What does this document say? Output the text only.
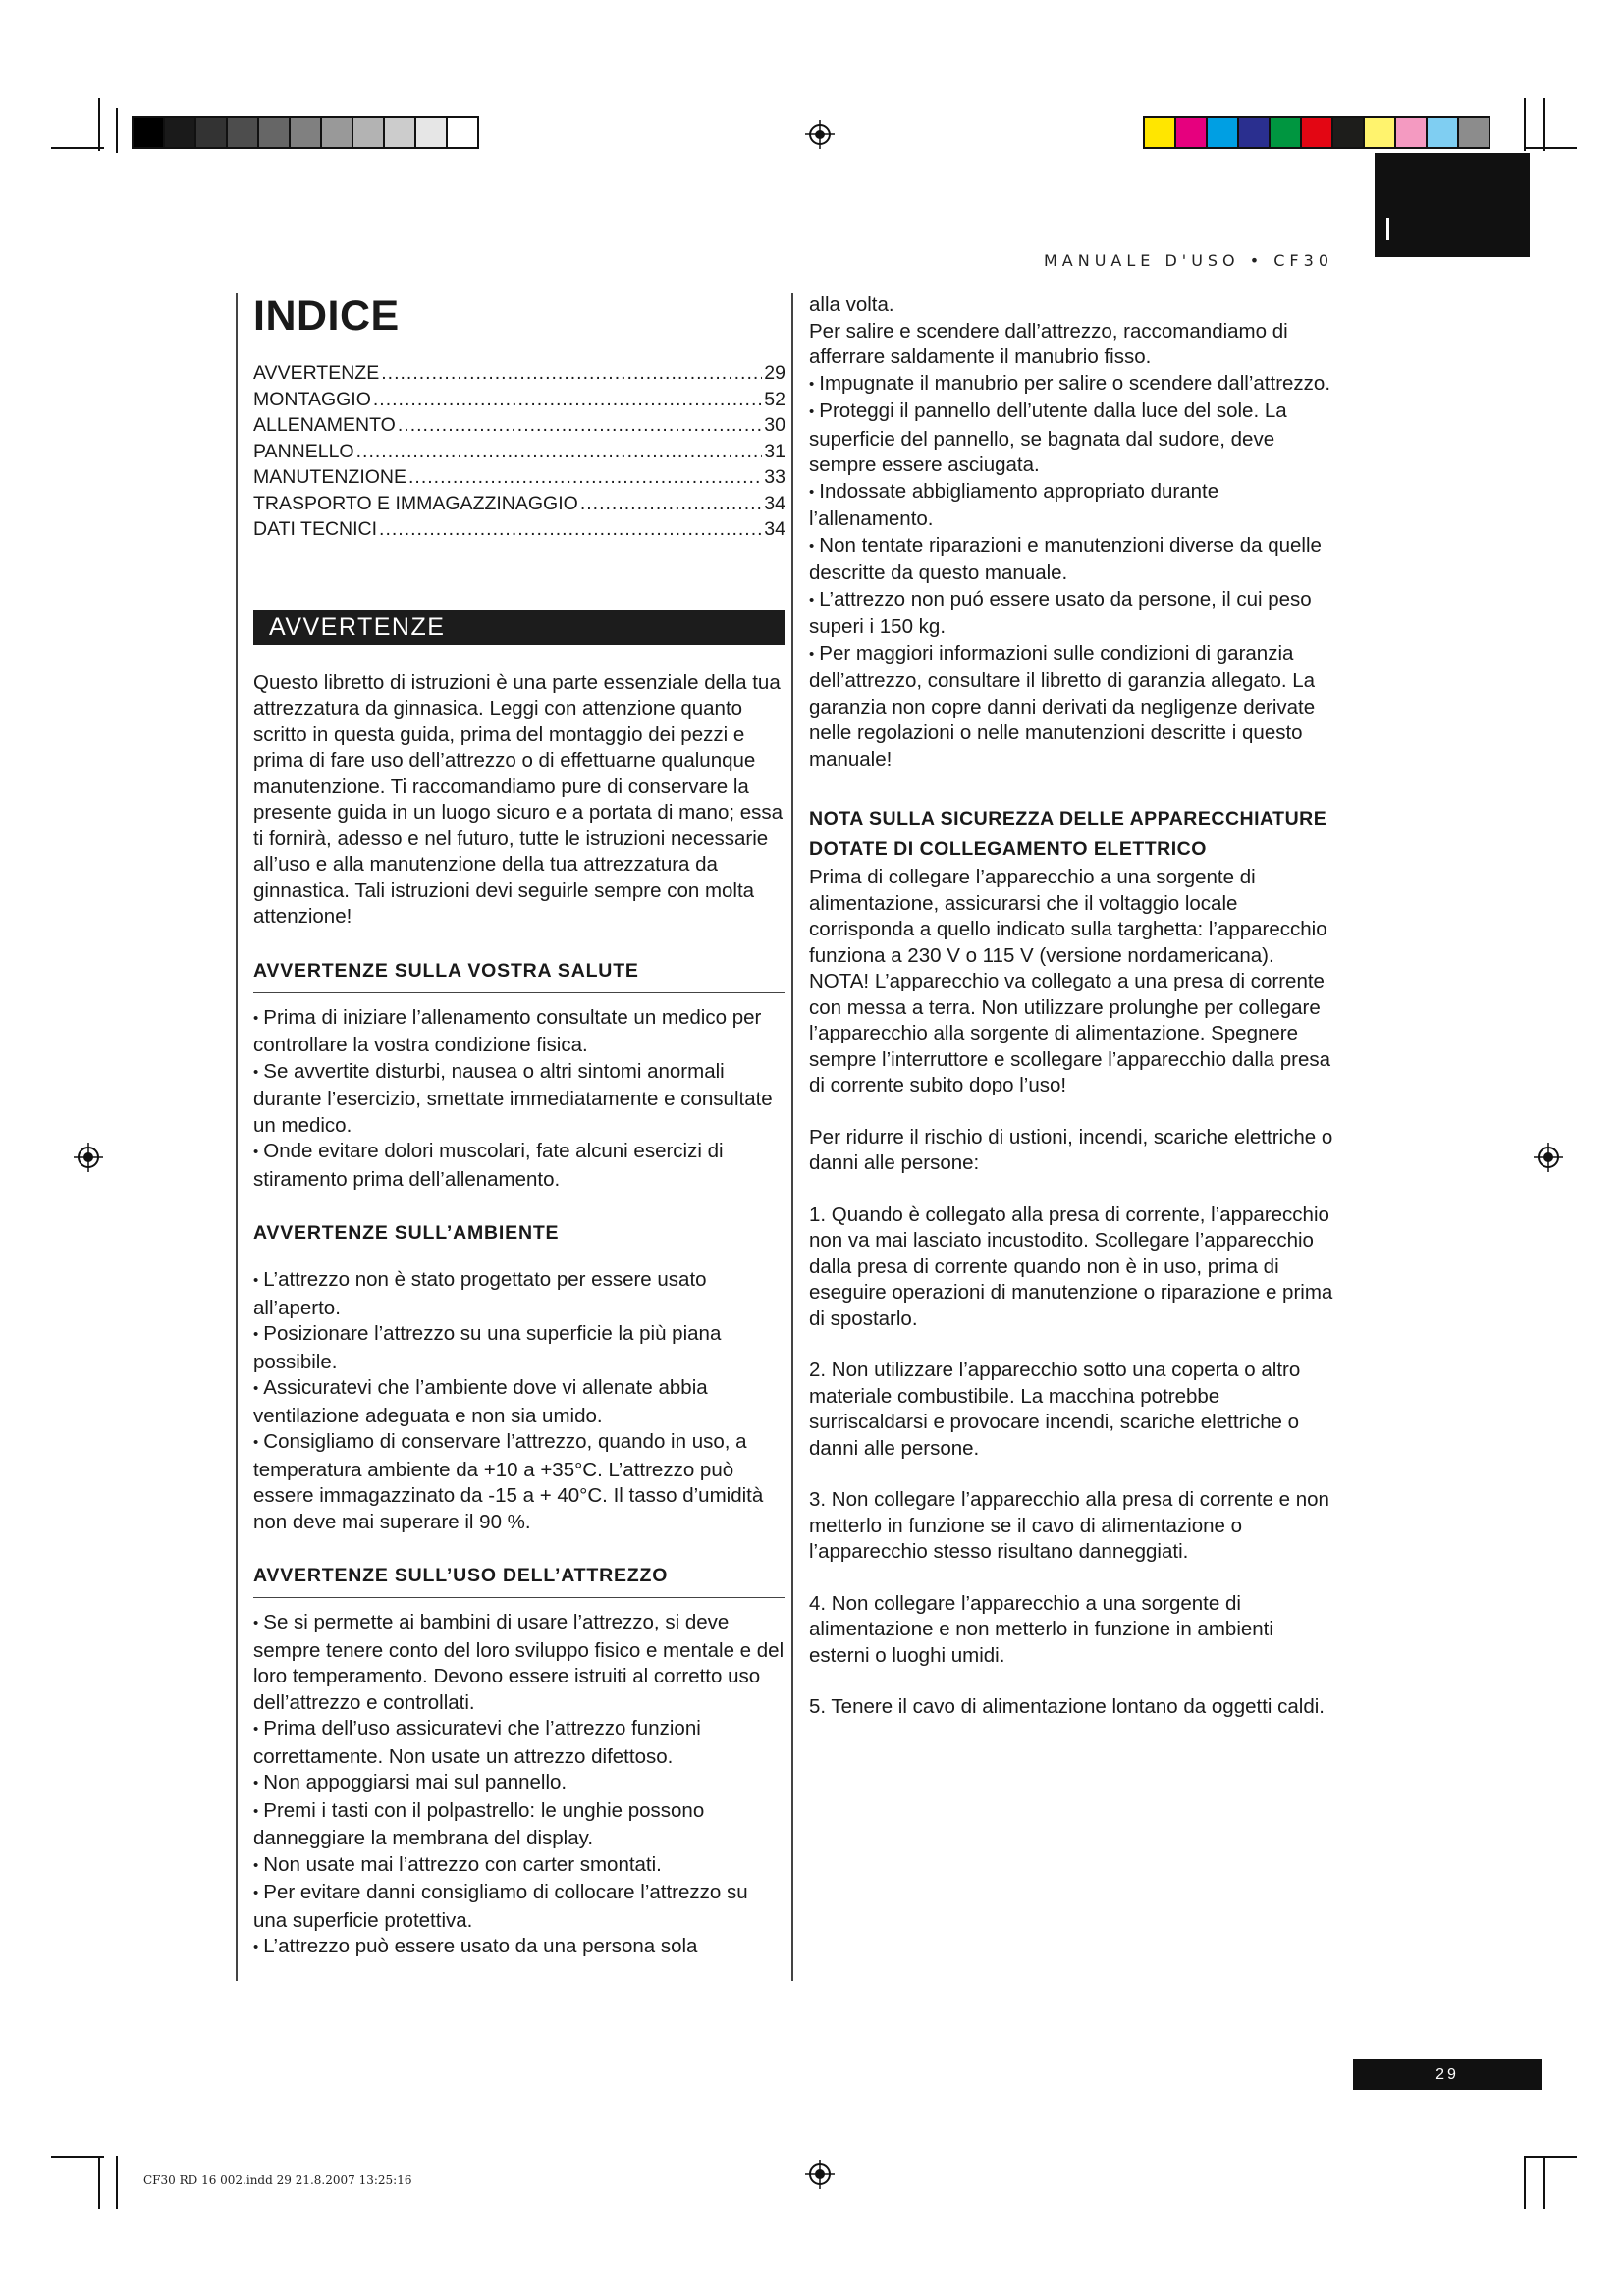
MANUALE D'USO • CF30
INDICE
AVVERTENZE .....	29
MONTAGGIO .....	52
ALLENAMENTO .....	30
PANNELLO .....	31
MANUTENZIONE .....	33
TRASPORTO E IMMAGAZZINAGGIO .....	34
DATI TECNICI .....	34
AVVERTENZE

Questo libretto di istruzioni è una parte essenziale della tua attrezzatura da ginnasica. Leggi con attenzione quanto scritto in questa guida, prima del montaggio dei pezzi e prima di fare uso dell’attrezzo o di effettuarne qualunque manutenzione. Ti raccomandiamo pure di conservare la presente guida in un luogo sicuro e a portata di mano; essa ti fornirà, adesso e nel futuro, tutte le istruzioni necessarie all’uso e alla manutenzione della tua attrezzatura da ginnastica. Tali istruzioni devi seguirle sempre con molta attenzione!

AVVERTENZE SULLA VOSTRA SALUTE
• Prima di iniziare l’allenamento consultate un medico per controllare la vostra condizione fisica.
• Se avvertite disturbi, nausea o altri sintomi anormali durante l’esercizio, smettate immediatamente e consultate un medico.
• Onde evitare dolori muscolari, fate alcuni esercizi di stiramento prima dell’allenamento.
AVVERTENZE SULL’AMBIENTE
• L’attrezzo non è stato progettato per essere usato all’aperto.
• Posizionare l’attrezzo su una superficie la più piana possibile.
• Assicuratevi che l’ambiente dove vi allenate abbia ventilazione adeguata e non sia umido.
• Consigliamo di conservare l’attrezzo, quando in uso, a temperatura ambiente da +10 a +35°C. L’attrezzo può essere immagazzinato da -15 a + 40°C. Il tasso d’umidità non deve mai superare il 90 %.
AVVERTENZE SULL’USO DELL’ATTREZZO
• Se si permette ai bambini di usare l’attrezzo, si deve sempre tenere conto del loro sviluppo fisico e mentale e del loro temperamento. Devono essere istruiti al corretto uso dell’attrezzo e controllati.
• Prima dell’uso assicuratevi che l’attrezzo funzioni correttamente. Non usate un attrezzo difettoso.
• Non appoggiarsi mai sul pannello.
• Premi i tasti con il polpastrello: le unghie possono danneggiare la membrana del display.
• Non usate mai l’attrezzo con carter smontati.
• Per evitare danni consigliamo di collocare l’attrezzo su una superficie protettiva.
• L’attrezzo può essere usato da una persona sola

alla volta.

Per salire e scendere dall’attrezzo, raccomandiamo di afferrare saldamente il manubrio fisso.

• Impugnate il manubrio per salire o scendere dall’attrezzo.
• Proteggi il pannello dell’utente dalla luce del sole. La superficie del pannello, se bagnata dal sudore, deve sempre essere asciugata.
• Indossate abbigliamento appropriato durante l’allenamento.
• Non tentate riparazioni e manutenzioni diverse da quelle descritte da questo manuale.
• L’attrezzo non puó essere usato da persone, il cui peso superi i 150 kg.
• Per maggiori informazioni sulle condizioni di garanzia dell’attrezzo, consultare il libretto di garanzia allegato. La garanzia non copre danni derivati da negligenze derivate nelle regolazioni o nelle manutenzioni descritte i questo manuale!
NOTA SULLA SICUREZZA DELLE APPARECCHIATURE DOTATE DI COLLEGAMENTO ELETTRICO

Prima di collegare l’apparecchio a una sorgente di alimentazione, assicurarsi che il voltaggio locale corrisponda a quello indicato sulla targhetta: l’apparecchio funziona a 230 V o 115 V (versione nordamericana). NOTA! L’apparecchio va collegato a una presa di corrente con messa a terra. Non utilizzare prolunghe per collegare l’apparecchio alla sorgente di alimentazione. Spegnere sempre l’interruttore e scollegare l’apparecchio dalla presa di corrente subito dopo l’uso!

Per ridurre il rischio di ustioni, incendi, scariche elettriche o danni alle persone:

1. Quando è collegato alla presa di corrente, l’apparecchio non va mai lasciato incustodito. Scollegare l’apparecchio dalla presa di corrente quando non è in uso, prima di eseguire operazioni di manutenzione o riparazione e prima di spostarlo.

2. Non utilizzare l’apparecchio sotto una coperta o altro materiale combustibile. La macchina potrebbe surriscaldarsi e provocare incendi, scariche elettriche o danni alle persone.

3. Non collegare l’apparecchio alla presa di corrente e non metterlo in funzione se il cavo di alimentazione o l’apparecchio stesso risultano danneggiati.

4. Non collegare l’apparecchio a una sorgente di alimentazione e non metterlo in funzione in ambienti esterni o luoghi umidi.

5. Tenere il cavo di alimentazione lontano da oggetti caldi.

29
CF30 RD 16 002.indd 29 21.8.2007 13:25:16
